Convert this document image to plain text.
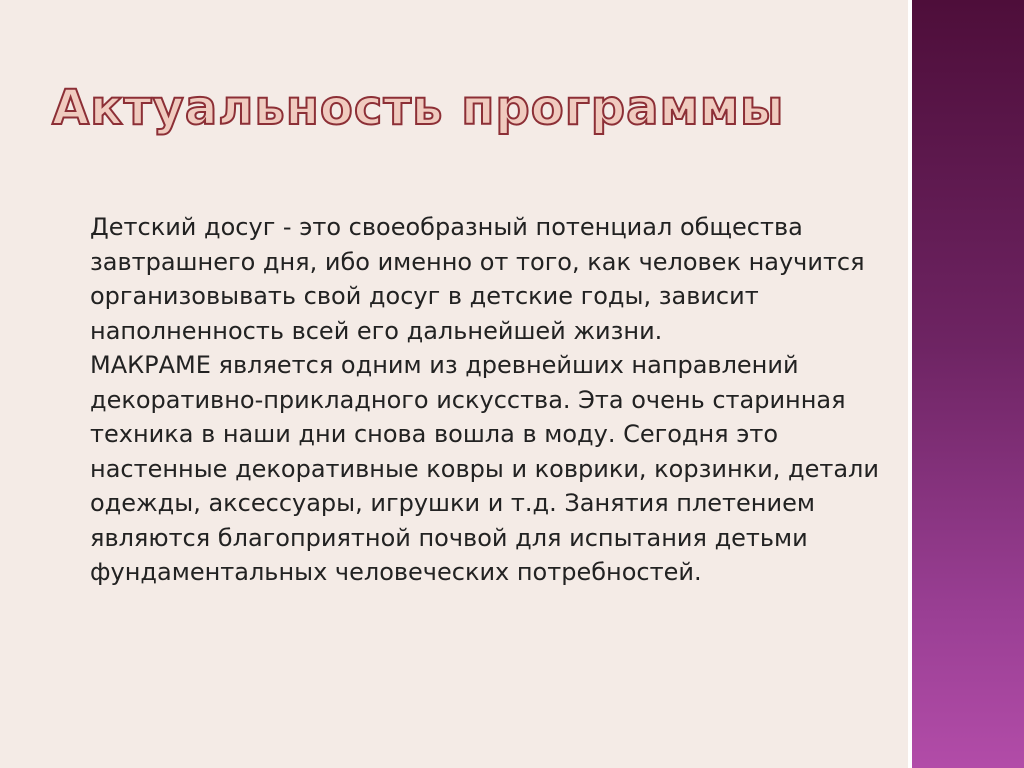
Актуальность программы

Детский досуг - это своеобразный потенциал общества завтрашнего дня, ибо именно от того, как человек научится организовывать свой досуг в детские годы, зависит наполненность всей его дальнейшей жизни.
МАКРАМЕ является одним из древнейших направлений декоративно-прикладного искусства. Эта очень старинная техника в наши дни снова вошла в моду. Сегодня это настенные декоративные ковры и коврики, корзинки, детали одежды, аксессуары, игрушки и т.д. Занятия плетением являются благоприятной почвой для испытания детьми фундаментальных человеческих потребностей.
